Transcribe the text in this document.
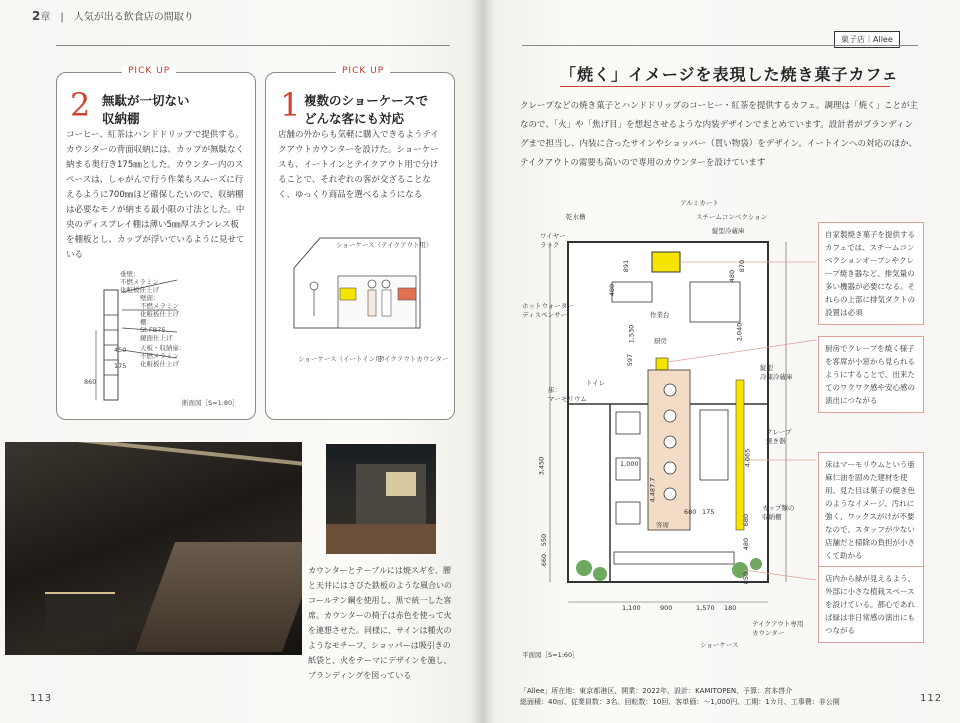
2章　|　人気が出る飲食店の間取り
PICK UP
2 無駄が一切ない
収納棚
コーヒー、紅茶はハンドドリップで提供する。カウンターの背面収納には、カップが無駄なく納まる奥行き175㎜とした。カウンター内のスペースは、しゃがんで行う作業もスムーズに行えるように700㎜ほど確保したいので、収納棚は必要なモノが納まる最小限の寸法とした。中央のディスプレイ棚は薄い5㎜厚ステンレス板を棚板とし、カップが浮いているように見せている
垂壁：
不燃メラミン
化粧板仕上げ
壁面：
不燃メラミン
化粧板仕上げ
棚：
St-FB75
鏡面仕上げ
天板・収納扉：
不燃メラミン
化粧板仕上げ
450
175
860
断面図［S=1:80］
PICK UP
1 複数のショーケースで
どんな客にも対応
店舗の外からも気軽に購入できるようテイクアウトカウンターを設けた。ショーケースも、イートインとテイクアウト用で分けることで、それぞれの客が交ざることなく、ゆっくり商品を選べるようになる
ショーケース（テイクアウト用）
ショーケース（イートイン用）
テイクアウトカウンター
カウンターとテーブルには焼スギを、腰と天井にはさびた鉄板のような風合いのコールテン鋼を使用し、黒で統一した客席。カウンターの椅子は赤色を使って火を連想させた。同様に、サインは種火のようなモチーフ、ショッパーは吸引きの紙袋と、火をテーマにデザインを施し、ブランディングを図っている
113
菓子店｜Allee
「焼く」イメージを表現した焼き菓子カフェ
クレープなどの焼き菓子とハンドドリップのコーヒー・紅茶を提供するカフェ。調理は「焼く」ことが主なので、「火」や「焦げ目」を想起させるような内装デザインでまとめています。設計者がブランディングまで担当し、内装に合ったサインやショッパー（買い物袋）をデザイン。イートインへの対応のほか、テイクアウトの需要も高いので専用のカウンターを設けています
乾水槽
ワイヤー
ラック
アルミカート
スチームコンベクション
縦型冷蔵庫
ホットウォーター
ディスペンサー	作業台
厨房
トイレ
縦型
冷凍冷蔵庫
床：
マーモリウム
クレープ
焼き器
カップ類の
収納棚
客席
テイクアウト専用
カウンター
ショーケース
平面図［S=1:60］
480
870
2,040
4,065
680
850
480
3,450
550
660
480
1,530
597
1,000
4,487.7
680 175
891
1,100	900	1,570 180
自家製焼き菓子を提供するカフェでは、スチームコンベクションオーブンやクレープ焼き器など、排気量の多い機器が必要になる。それらの上部に排気ダクトの設置は必須
厨房でクレープを焼く様子を客席が小窓から見られるようにすることで、出来たてのワクワク感や安心感の演出につながる
床はマーモリウムという亜麻仁油を固めた建材を使用。見た目は菓子の焼き色のようなイメージ。汚れに強く、ワックスがけが不要なので、スタッフが少ない店舗だと掃除の負担が小さくて助かる
店内から緑が見えるよう、外部に小さな植栽スペースを設けている。都心であれば緑は非日常感の演出にもつながる
「Allee」所在地：東京都港区、開業：2022年、設計：KAMITOPEN、予算：宮本啓介
総面積：40㎡、従業員数：3名、回転数：10回、客単価：～1,000円、工期：1カ月、工事費：非公開	112
